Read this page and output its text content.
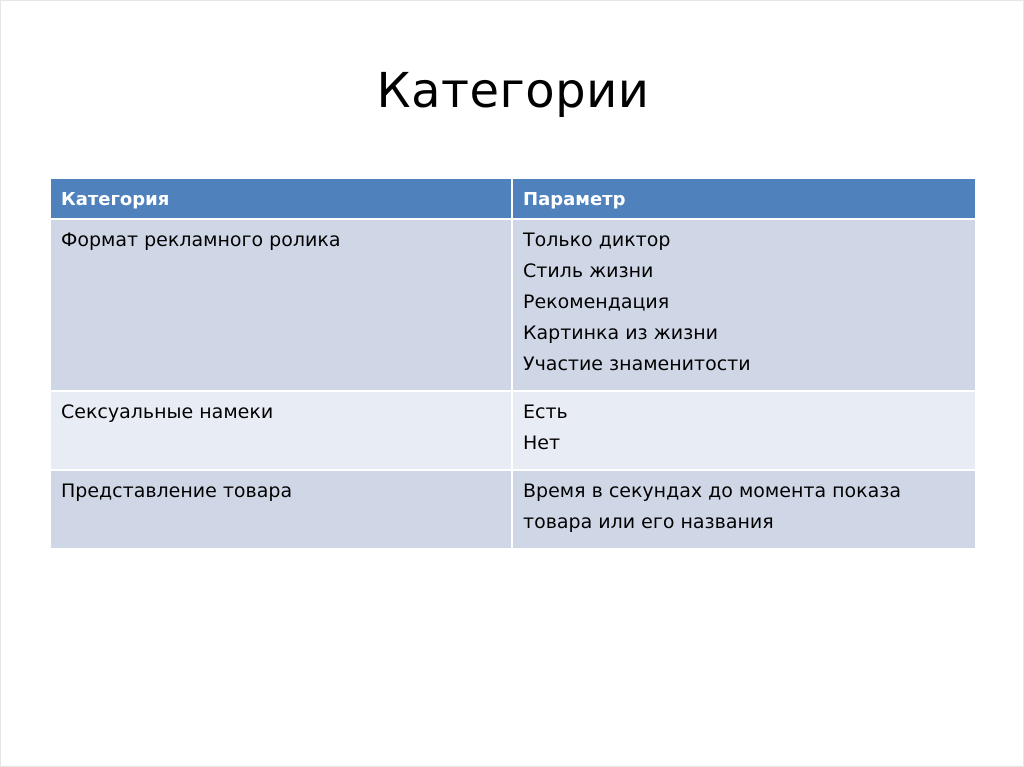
Категории
Категория	Параметр

Формат рекламного ролика	Только диктор
Стиль жизни
Рекомендация
Картинка из жизни
Участие знаменитости

Сексуальные намеки	Есть
Нет

Представление товара	Время в секундах до момента показа
товара или его названия
